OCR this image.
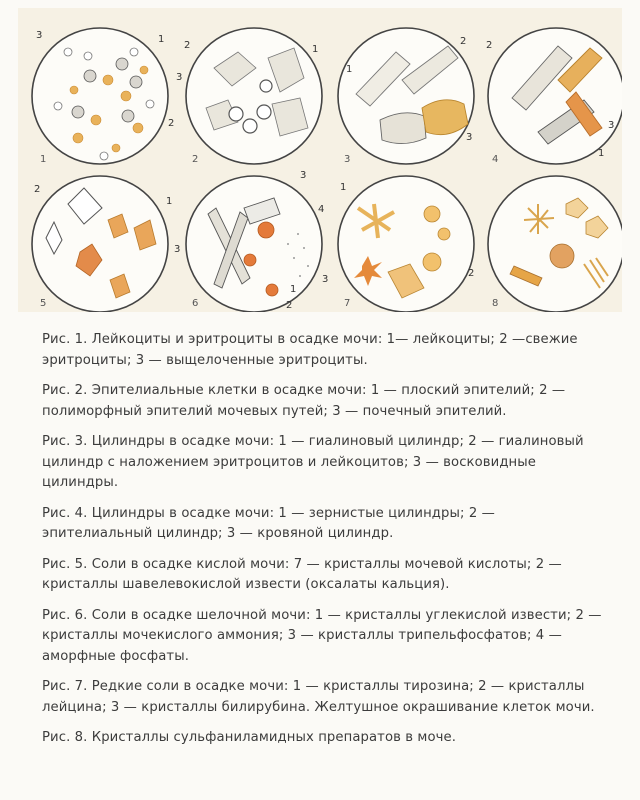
1	2	3	4
5	6	7	8
3	1
2
2	1
3
1
2
3
2
3
1
2
1
3
4
3
1
2
1
3
2

Рис. 1. Лейкоциты и эритроциты в осадке мочи: 1— лейкоциты; 2 —свежие эритроциты; 3 — выщелоченные эритроциты.

Рис. 2. Эпителиальные клетки в осадке мочи: 1 — плоский эпителий; 2 — полиморфный эпителий мочевых путей; 3 — почечный эпителий.

Рис. 3. Цилиндры в осадке мочи: 1 — гиалиновый цилиндр; 2 — гиалиновый цилиндр с наложением эритроцитов и лейкоцитов; 3 — восковидные цилиндры.

Рис. 4. Цилиндры в осадке мочи: 1 — зернистые цилиндры; 2 — эпителиальный цилиндр; 3 — кровяной цилиндр.

Рис. 5. Соли в осадке кислой мочи: 7 — кристаллы мочевой кислоты; 2 — кристаллы шавелевокислой извести (оксалаты кальция).

Рис. 6. Соли в осадке шелочной мочи: 1 — кристаллы углекислой извести; 2 — кристаллы мочекислого аммония; 3 — кристаллы трипельфосфатов; 4 — аморфные фосфаты.

Рис. 7. Редкие соли в осадке мочи: 1 — кристаллы тирозина; 2 — кристаллы лейцина; 3 — кристаллы билирубина. Желтушное окрашивание клеток мочи.

Рис. 8. Кристаллы сульфаниламидных препаратов в моче.
